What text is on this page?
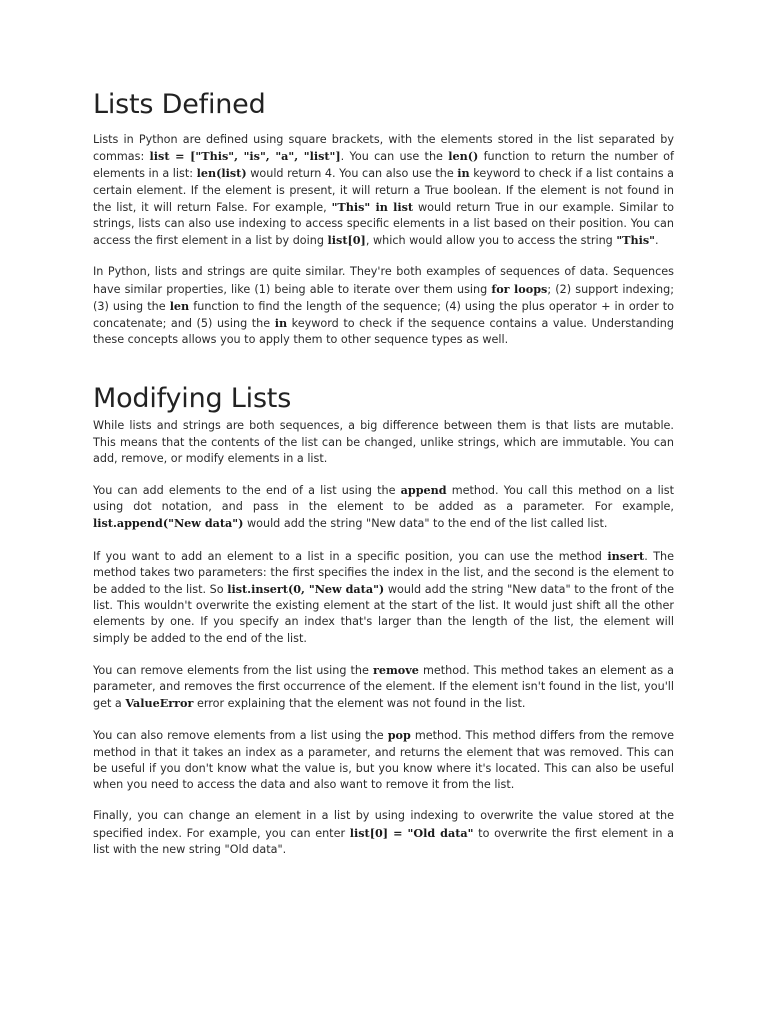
Lists Defined

Lists in Python are defined using square brackets, with the elements stored in the list separated by commas: list = ["This", "is", "a", "list"]. You can use the len() function to return the number of elements in a list: len(list) would return 4. You can also use the in keyword to check if a list contains a certain element. If the element is present, it will return a True boolean. If the element is not found in the list, it will return False. For example, "This" in list would return True in our example. Similar to strings, lists can also use indexing to access specific elements in a list based on their position. You can access the first element in a list by doing list[0], which would allow you to access the string "This".

In Python, lists and strings are quite similar. They're both examples of sequences of data. Sequences have similar properties, like (1) being able to iterate over them using for loops; (2) support indexing; (3) using the len function to find the length of the sequence; (4) using the plus operator + in order to concatenate; and (5) using the in keyword to check if the sequence contains a value. Understanding these concepts allows you to apply them to other sequence types as well.

Modifying Lists

While lists and strings are both sequences, a big difference between them is that lists are mutable. This means that the contents of the list can be changed, unlike strings, which are immutable. You can add, remove, or modify elements in a list.

You can add elements to the end of a list using the append method. You call this method on a list using dot notation, and pass in the element to be added as a parameter. For example, list.append("New data") would add the string "New data" to the end of the list called list.

If you want to add an element to a list in a specific position, you can use the method insert. The method takes two parameters: the first specifies the index in the list, and the second is the element to be added to the list. So list.insert(0, "New data") would add the string "New data" to the front of the list. This wouldn't overwrite the existing element at the start of the list. It would just shift all the other elements by one. If you specify an index that's larger than the length of the list, the element will simply be added to the end of the list.

You can remove elements from the list using the remove method. This method takes an element as a parameter, and removes the first occurrence of the element. If the element isn't found in the list, you'll get a ValueError error explaining that the element was not found in the list.

You can also remove elements from a list using the pop method. This method differs from the remove method in that it takes an index as a parameter, and returns the element that was removed. This can be useful if you don't know what the value is, but you know where it's located. This can also be useful when you need to access the data and also want to remove it from the list.

Finally, you can change an element in a list by using indexing to overwrite the value stored at the specified index. For example, you can enter list[0] = "Old data" to overwrite the first element in a list with the new string "Old data".
